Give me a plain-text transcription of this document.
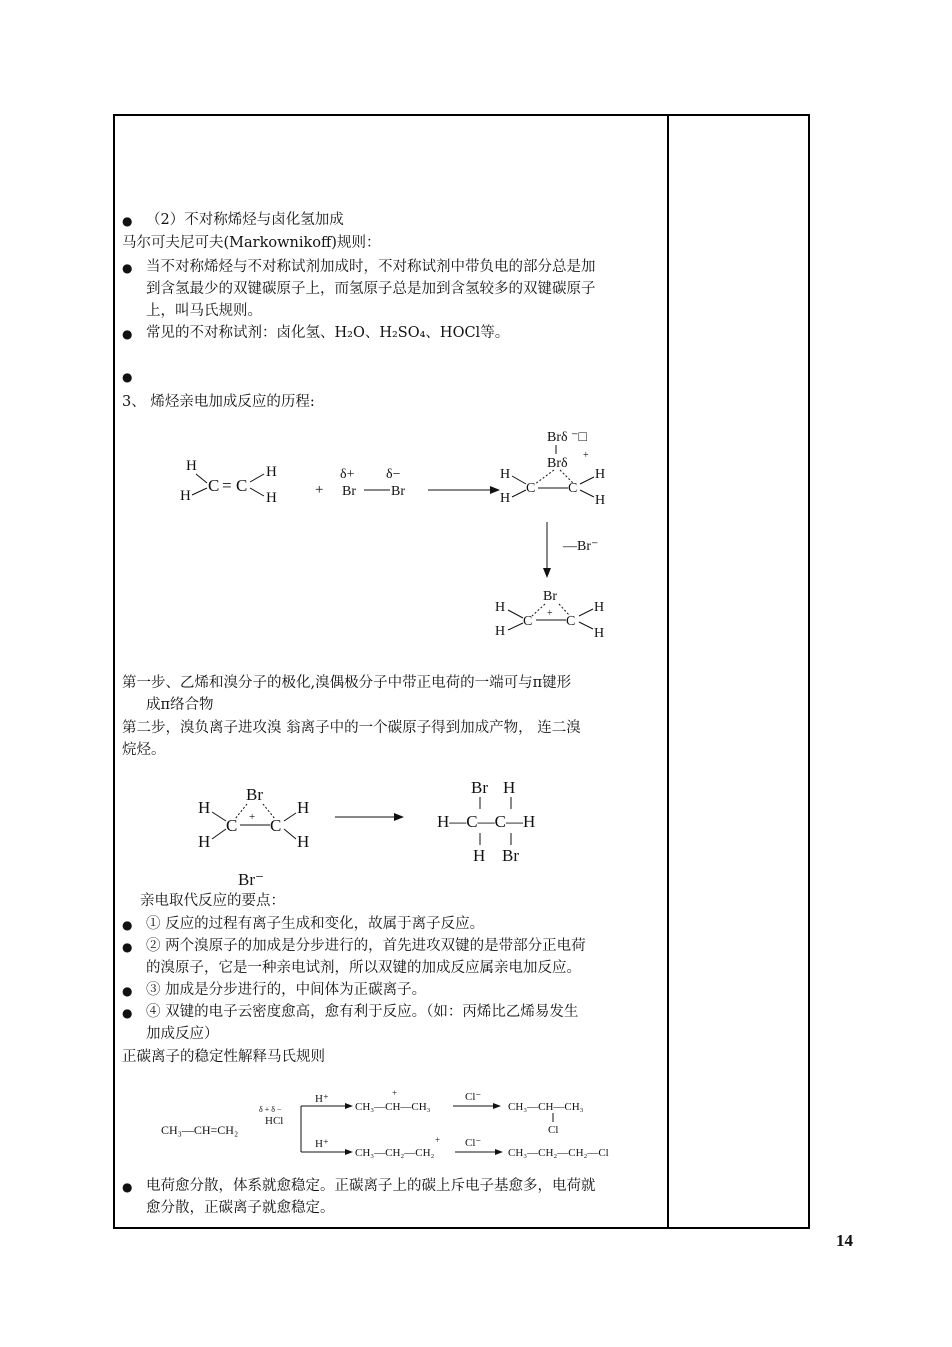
● （2）不对称烯烃与卤化氢加成
马尔可夫尼可夫(Markownikoff)规则：
● 当不对称烯烃与不对称试剂加成时，不对称试剂中带负电的部分总是加
到含氢最少的双键碳原子上，而氢原子总是加到含氢较多的双键碳原子
上，叫马氏规则。
● 常见的不对称试剂：卤化氢、H₂O、H₂SO₄、HOCl等。
●
3、 烯烃亲电加成反应的历程:
H
H
C = C
H
H	+
δ+ δ−
Br	Br
Brδ ⁻□
Brδ
+
H
H
C C
H
H
—Br⁻
Br
+
H
H
C C
H
H
第一步、乙烯和溴分子的极化,溴偶极分子中带正电荷的一端可与π键形
成π络合物
第二步，溴负离子进攻溴 翁离子中的一个碳原子得到加成产物， 连二溴
烷烃。
Br
+
H
H
C C
H
H
Br⁻
Br H
H—C—C—H
H Br
亲电取代反应的要点：
● ① 反应的过程有离子生成和变化，故属于离子反应。
● ② 两个溴原子的加成是分步进行的，首先进攻双键的是带部分正电荷
的溴原子，它是一种亲电试剂，所以双键的加成反应属亲电加反应。
● ③ 加成是分步进行的，中间体为正碳离子。
● ④ 双键的电子云密度愈高，愈有利于反应。（如：丙烯比乙烯易发生
加成反应）
正碳离子的稳定性解释马氏规则
CH₃—CH=CH₂
δ + δ −
HCl
H⁺
H⁺
+
CH₃—CH—CH₃
Cl⁻
CH₃—CH—CH₃
Cl
+
CH₃—CH₂—CH₂
Cl⁻
CH₃—CH₂—CH₂—Cl
● 电荷愈分散，体系就愈稳定。正碳离子上的碳上斥电子基愈多，电荷就
愈分散，正碳离子就愈稳定。
14
